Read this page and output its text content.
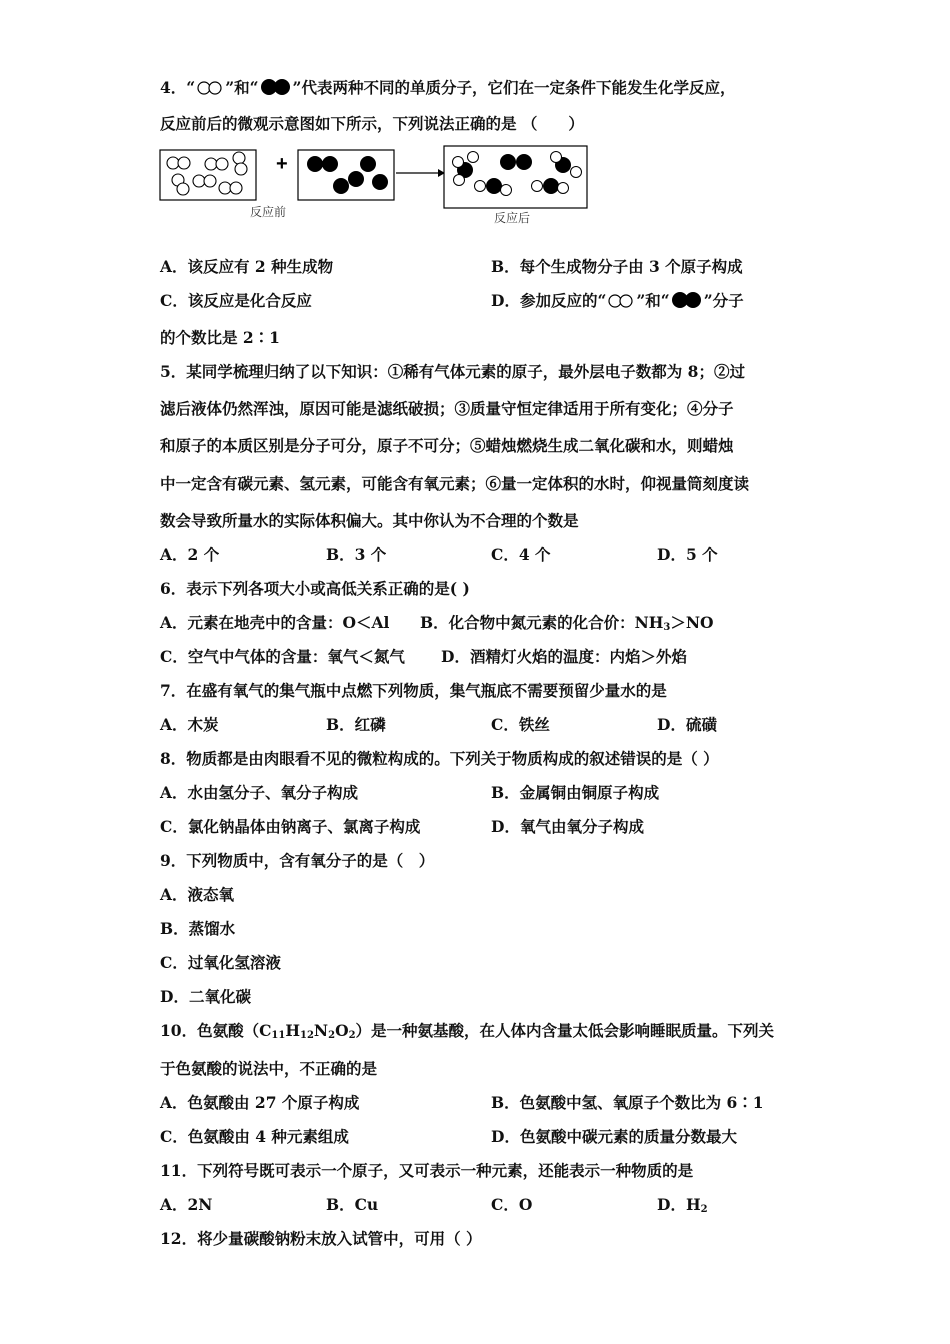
4．“ ”和“ ”代表两种不同的单质分子，它们在一定条件下能发生化学反应，
反应前后的微观示意图如下所示，下列说法正确的是 （　　）
+
反应前	反应后
A．该反应有 2 种生成物	B．每个生成物分子由 3 个原子构成
C．该反应是化合反应	D．参加反应的“ ”和“ ”分子
的个数比是 2∶1
5．某同学梳理归纳了以下知识：①稀有气体元素的原子，最外层电子数都为 8；②过
滤后液体仍然浑浊，原因可能是滤纸破损；③质量守恒定律适用于所有变化；④分子
和原子的本质区别是分子可分，原子不可分；⑤蜡烛燃烧生成二氧化碳和水，则蜡烛
中一定含有碳元素、氢元素，可能含有氧元素；⑥量一定体积的水时，仰视量筒刻度读
数会导致所量水的实际体积偏大。其中你认为不合理的个数是
A．2 个	B．3 个	C．4 个	D．5 个
6．表示下列各项大小或高低关系正确的是( )
A．元素在地壳中的含量：O＜Al B．化合物中氮元素的化合价：$NH_3>NO$
C．空气中气体的含量：氧气＜氮气 D．酒精灯火焰的温度：内焰＞外焰
7．在盛有氧气的集气瓶中点燃下列物质，集气瓶底不需要预留少量水的是
A．木炭	B．红磷	C．铁丝	D．硫磺
8．物质都是由肉眼看不见的微粒构成的。下列关于物质构成的叙述错误的是（ ）
A．水由氢分子、氧分子构成	B．金属铜由铜原子构成
C．氯化钠晶体由钠离子、氯离子构成	D．氧气由氧分子构成
9．下列物质中，含有氧分子的是（　）
A．液态氧
B．蒸馏水
C．过氧化氢溶液
D．二氧化碳
10．色氨酸$(C_{11}H_{12}N_2O_2)$是一种氨基酸，在人体内含量太低会影响睡眠质量。下列关
于色氨酸的说法中，不正确的是
A．色氨酸由 27 个原子构成	B．色氨酸中氢、氧原子个数比为 6∶1
C．色氨酸由 4 种元素组成	D．色氨酸中碳元素的质量分数最大
11．下列符号既可表示一个原子，又可表示一种元素，还能表示一种物质的是
A．2N	B．Cu	C．O	D．$H_2$
12．将少量碳酸钠粉末放入试管中，可用（ ）
